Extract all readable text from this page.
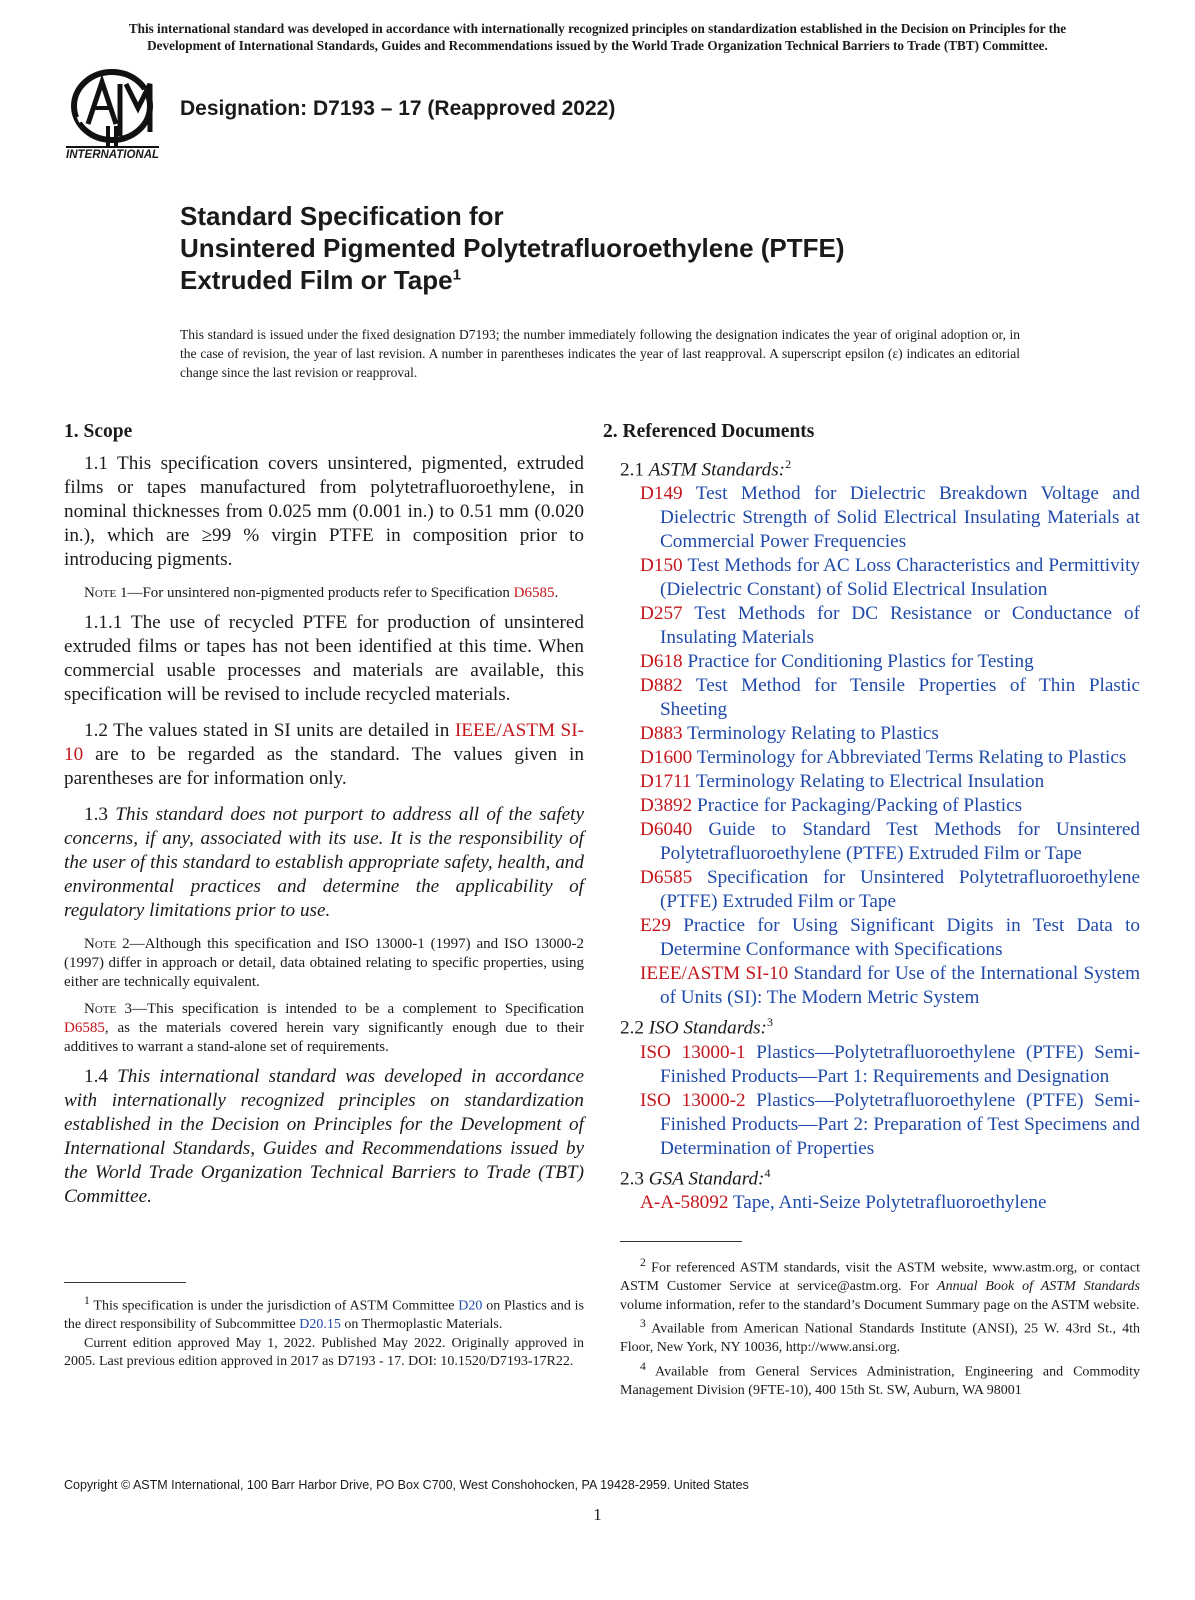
This international standard was developed in accordance with internationally recognized principles on standardization established in the Decision on Principles for the
Development of International Standards, Guides and Recommendations issued by the World Trade Organization Technical Barriers to Trade (TBT) Committee.
INTERNATIONAL
Designation: D7193 – 17 (Reapproved 2022)
Standard Specification for
Unsintered Pigmented Polytetrafluoroethylene (PTFE)
Extruded Film or Tape$^1$
This standard is issued under the fixed designation D7193; the number immediately following the designation indicates the year of original adoption or, in the case of revision, the year of last revision. A number in parentheses indicates the year of last reapproval. A superscript epsilon (ε) indicates an editorial change since the last revision or reapproval.
1. Scope

1.1 This specification covers unsintered, pigmented, extruded films or tapes manufactured from polytetrafluoroethylene, in nominal thicknesses from 0.025 mm (0.001 in.) to 0.51 mm (0.020 in.), which are ≥99 % virgin PTFE in composition prior to introducing pigments.

Note 1—For unsintered non-pigmented products refer to Specification D6585.

1.1.1 The use of recycled PTFE for production of unsintered extruded films or tapes has not been identified at this time. When commercial usable processes and materials are available, this specification will be revised to include recycled materials.

1.2 The values stated in SI units are detailed in IEEE/ASTM SI-10 are to be regarded as the standard. The values given in parentheses are for information only.

1.3 This standard does not purport to address all of the safety concerns, if any, associated with its use. It is the responsibility of the user of this standard to establish appropriate safety, health, and environmental practices and determine the applicability of regulatory limitations prior to use.

Note 2—Although this specification and ISO 13000-1 (1997) and ISO 13000-2 (1997) differ in approach or detail, data obtained relating to specific properties, using either are technically equivalent.

Note 3—This specification is intended to be a complement to Specification D6585, as the materials covered herein vary significantly enough due to their additives to warrant a stand-alone set of requirements.

1.4 This international standard was developed in accordance with internationally recognized principles on standardization established in the Decision on Principles for the Development of International Standards, Guides and Recommendations issued by the World Trade Organization Technical Barriers to Trade (TBT) Committee.

2. Referenced Documents

2.1 ASTM Standards:$^2$

D149 Test Method for Dielectric Breakdown Voltage and Dielectric Strength of Solid Electrical Insulating Materials at Commercial Power Frequencies

D150 Test Methods for AC Loss Characteristics and Permittivity (Dielectric Constant) of Solid Electrical Insulation

D257 Test Methods for DC Resistance or Conductance of Insulating Materials

D618 Practice for Conditioning Plastics for Testing

D882 Test Method for Tensile Properties of Thin Plastic Sheeting

D883 Terminology Relating to Plastics

D1600 Terminology for Abbreviated Terms Relating to Plastics

D1711 Terminology Relating to Electrical Insulation

D3892 Practice for Packaging/Packing of Plastics

D6040 Guide to Standard Test Methods for Unsintered Polytetrafluoroethylene (PTFE) Extruded Film or Tape

D6585 Specification for Unsintered Polytetrafluoroethylene (PTFE) Extruded Film or Tape

E29 Practice for Using Significant Digits in Test Data to Determine Conformance with Specifications

IEEE/ASTM SI-10 Standard for Use of the International System of Units (SI): The Modern Metric System

2.2 ISO Standards:$^3$

ISO 13000-1 Plastics—Polytetrafluoroethylene (PTFE) Semi-Finished Products—Part 1: Requirements and Designation

ISO 13000-2 Plastics—Polytetrafluoroethylene (PTFE) Semi-Finished Products—Part 2: Preparation of Test Specimens and Determination of Properties

2.3 GSA Standard:$^4$

A-A-58092 Tape, Anti-Seize Polytetrafluoroethylene

$^1$ This specification is under the jurisdiction of ASTM Committee D20 on Plastics and is the direct responsibility of Subcommittee D20.15 on Thermoplastic Materials.

Current edition approved May 1, 2022. Published May 2022. Originally approved in 2005. Last previous edition approved in 2017 as D7193 - 17. DOI: 10.1520/D7193-17R22.

$^2$ For referenced ASTM standards, visit the ASTM website, www.astm.org, or contact ASTM Customer Service at service@astm.org. For Annual Book of ASTM Standards volume information, refer to the standard’s Document Summary page on the ASTM website.

$^3$ Available from American National Standards Institute (ANSI), 25 W. 43rd St., 4th Floor, New York, NY 10036, http://www.ansi.org.

$^4$ Available from General Services Administration, Engineering and Commodity Management Division (9FTE-10), 400 15th St. SW, Auburn, WA 98001

Copyright © ASTM International, 100 Barr Harbor Drive, PO Box C700, West Conshohocken, PA 19428-2959. United States
1
